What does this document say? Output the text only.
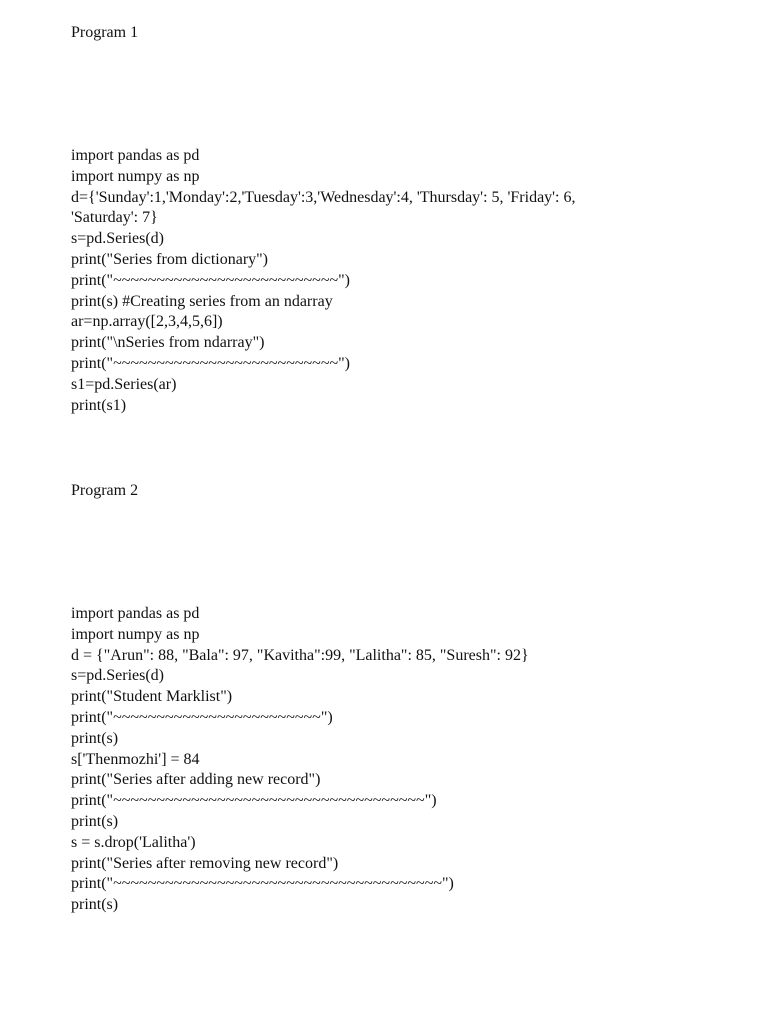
Program 1
import pandas as pd
import numpy as np
d={'Sunday':1,'Monday':2,'Tuesday':3,'Wednesday':4, 'Thursday': 5, 'Friday': 6,
'Saturday': 7}
s=pd.Series(d)
print("Series from dictionary")
print("~~~~~~~~~~~~~~~~~~~~~~~~~~")
print(s) #Creating series from an ndarray
ar=np.array([2,3,4,5,6])
print("\nSeries from ndarray")
print("~~~~~~~~~~~~~~~~~~~~~~~~~~")
s1=pd.Series(ar)
print(s1)
Program 2
import pandas as pd
import numpy as np
d = {"Arun": 88, "Bala": 97, "Kavitha":99, "Lalitha": 85, "Suresh": 92}
s=pd.Series(d)
print("Student Marklist")
print("~~~~~~~~~~~~~~~~~~~~~~~~")
print(s)
s['Thenmozhi'] = 84
print("Series after adding new record")
print("~~~~~~~~~~~~~~~~~~~~~~~~~~~~~~~~~~~~")
print(s)
s = s.drop('Lalitha')
print("Series after removing new record")
print("~~~~~~~~~~~~~~~~~~~~~~~~~~~~~~~~~~~~~~")
print(s)
